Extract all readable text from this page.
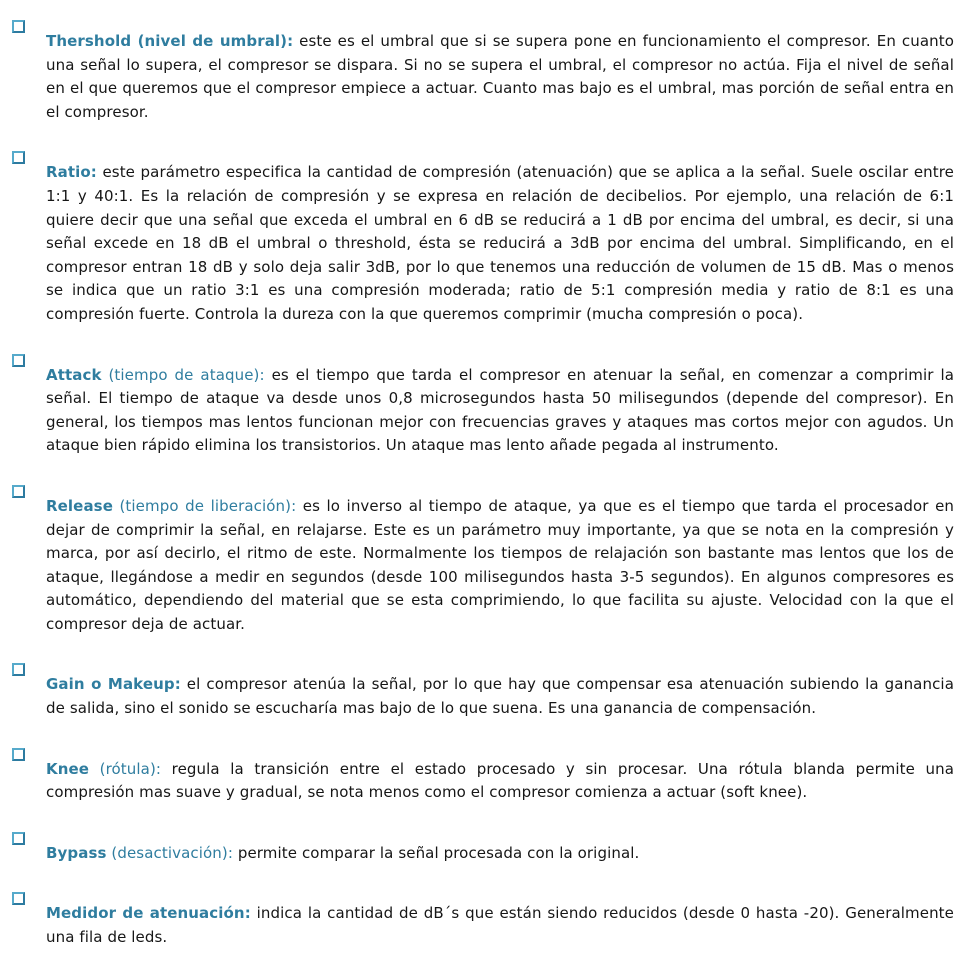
Thershold (nivel de umbral): este es el umbral que si se supera pone en funcionamiento el compresor. En cuanto una señal lo supera, el compresor se dispara. Si no se supera el umbral, el compresor no actúa. Fija el nivel de señal en el que queremos que el compresor empiece a actuar. Cuanto mas bajo es el umbral, mas porción de señal entra en el compresor.

Ratio: este parámetro especifica la cantidad de compresión (atenuación) que se aplica a la señal. Suele oscilar entre 1:1 y 40:1. Es la relación de compresión y se expresa en relación de decibelios. Por ejemplo, una relación de 6:1 quiere decir que una señal que exceda el umbral en 6 dB se reducirá a 1 dB por encima del umbral, es decir, si una señal excede en 18 dB el umbral o threshold, ésta se reducirá a 3dB por encima del umbral. Simplificando, en el compresor entran 18 dB y solo deja salir 3dB, por lo que tenemos una reducción de volumen de 15 dB. Mas o menos se indica que un ratio 3:1 es una compresión moderada; ratio de 5:1 compresión media y ratio de 8:1 es una compresión fuerte. Controla la dureza con la que queremos comprimir (mucha compresión o poca).

Attack (tiempo de ataque): es el tiempo que tarda el compresor en atenuar la señal, en comenzar a comprimir la señal. El tiempo de ataque va desde unos 0,8 microsegundos hasta 50 milisegundos (depende del compresor). En general, los tiempos mas lentos funcionan mejor con frecuencias graves y ataques mas cortos mejor con agudos. Un ataque bien rápido elimina los transistorios. Un ataque mas lento añade pegada al instrumento.

Release (tiempo de liberación): es lo inverso al tiempo de ataque, ya que es el tiempo que tarda el procesador en dejar de comprimir la señal, en relajarse. Este es un parámetro muy importante, ya que se nota en la compresión y marca, por así decirlo, el ritmo de este. Normalmente los tiempos de relajación son bastante mas lentos que los de ataque, llegándose a medir en segundos (desde 100 milisegundos hasta 3-5 segundos). En algunos compresores es automático, dependiendo del material que se esta comprimiendo, lo que facilita su ajuste. Velocidad con la que el compresor deja de actuar.

Gain o Makeup: el compresor atenúa la señal, por lo que hay que compensar esa atenuación subiendo la ganancia de salida, sino el sonido se escucharía mas bajo de lo que suena. Es una ganancia de compensación.

Knee (rótula): regula la transición entre el estado procesado y sin procesar. Una rótula blanda permite una compresión mas suave y gradual, se nota menos como el compresor comienza a actuar (soft knee).

Bypass (desactivación): permite comparar la señal procesada con la original.

Medidor de atenuación: indica la cantidad de dB´s que están siendo reducidos (desde 0 hasta -20). Generalmente una fila de leds.
